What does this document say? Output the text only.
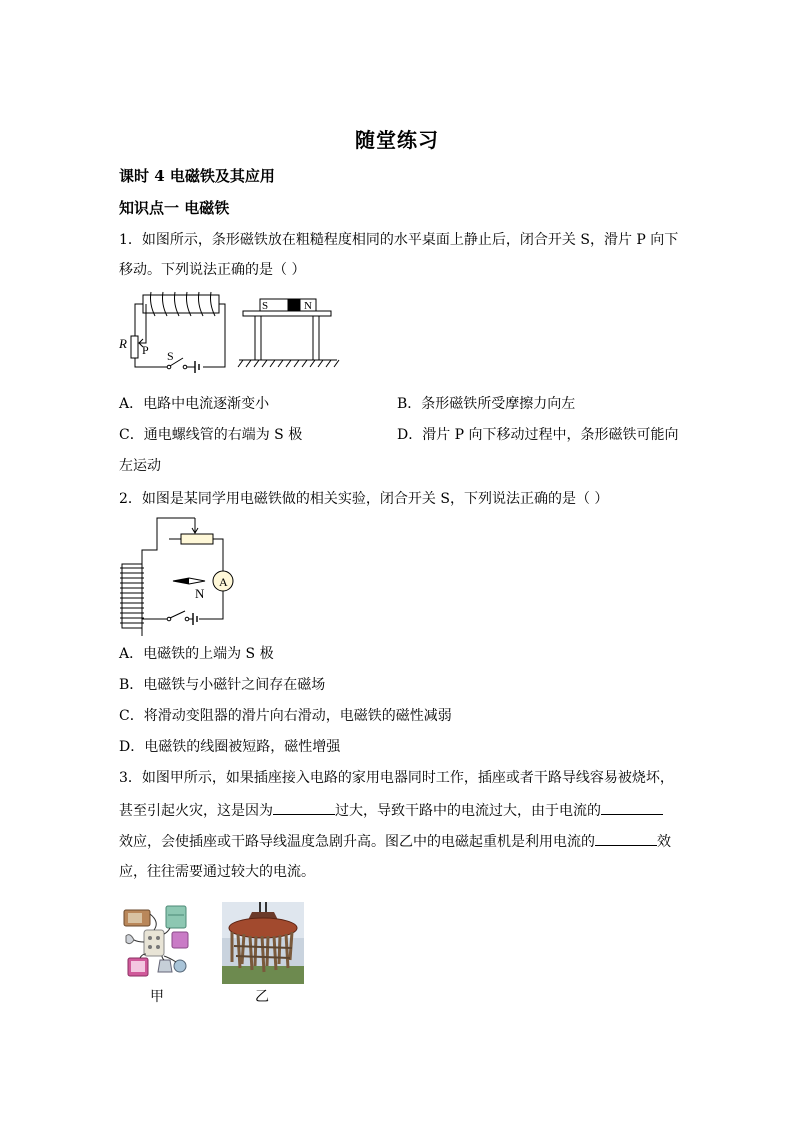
随堂练习
课时 4 电磁铁及其应用
知识点一 电磁铁
1．如图所示，条形磁铁放在粗糙程度相同的水平桌面上静止后，闭合开关 S，滑片 P 向下
移动。下列说法正确的是（ ）
R P S
S	N
A．电路中电流逐渐变小	B．条形磁铁所受摩擦力向左
C．通电螺线管的右端为 S 极	D．滑片 P 向下移动过程中，条形磁铁可能向
左运动
2．如图是某同学用电磁铁做的相关实验，闭合开关 S，下列说法正确的是（ ）
A
N
A．电磁铁的上端为 S 极
B．电磁铁与小磁针之间存在磁场
C．将滑动变阻器的滑片向右滑动，电磁铁的磁性减弱
D．电磁铁的线圈被短路，磁性增强
3．如图甲所示，如果插座接入电路的家用电器同时工作，插座或者干路导线容易被烧坏，
甚至引起火灾，这是因为	过大，导致干路中的电流过大，由于电流的
效应，会使插座或干路导线温度急剧升高。图乙中的电磁起重机是利用电流的	效
应，往往需要通过较大的电流。
甲	乙
